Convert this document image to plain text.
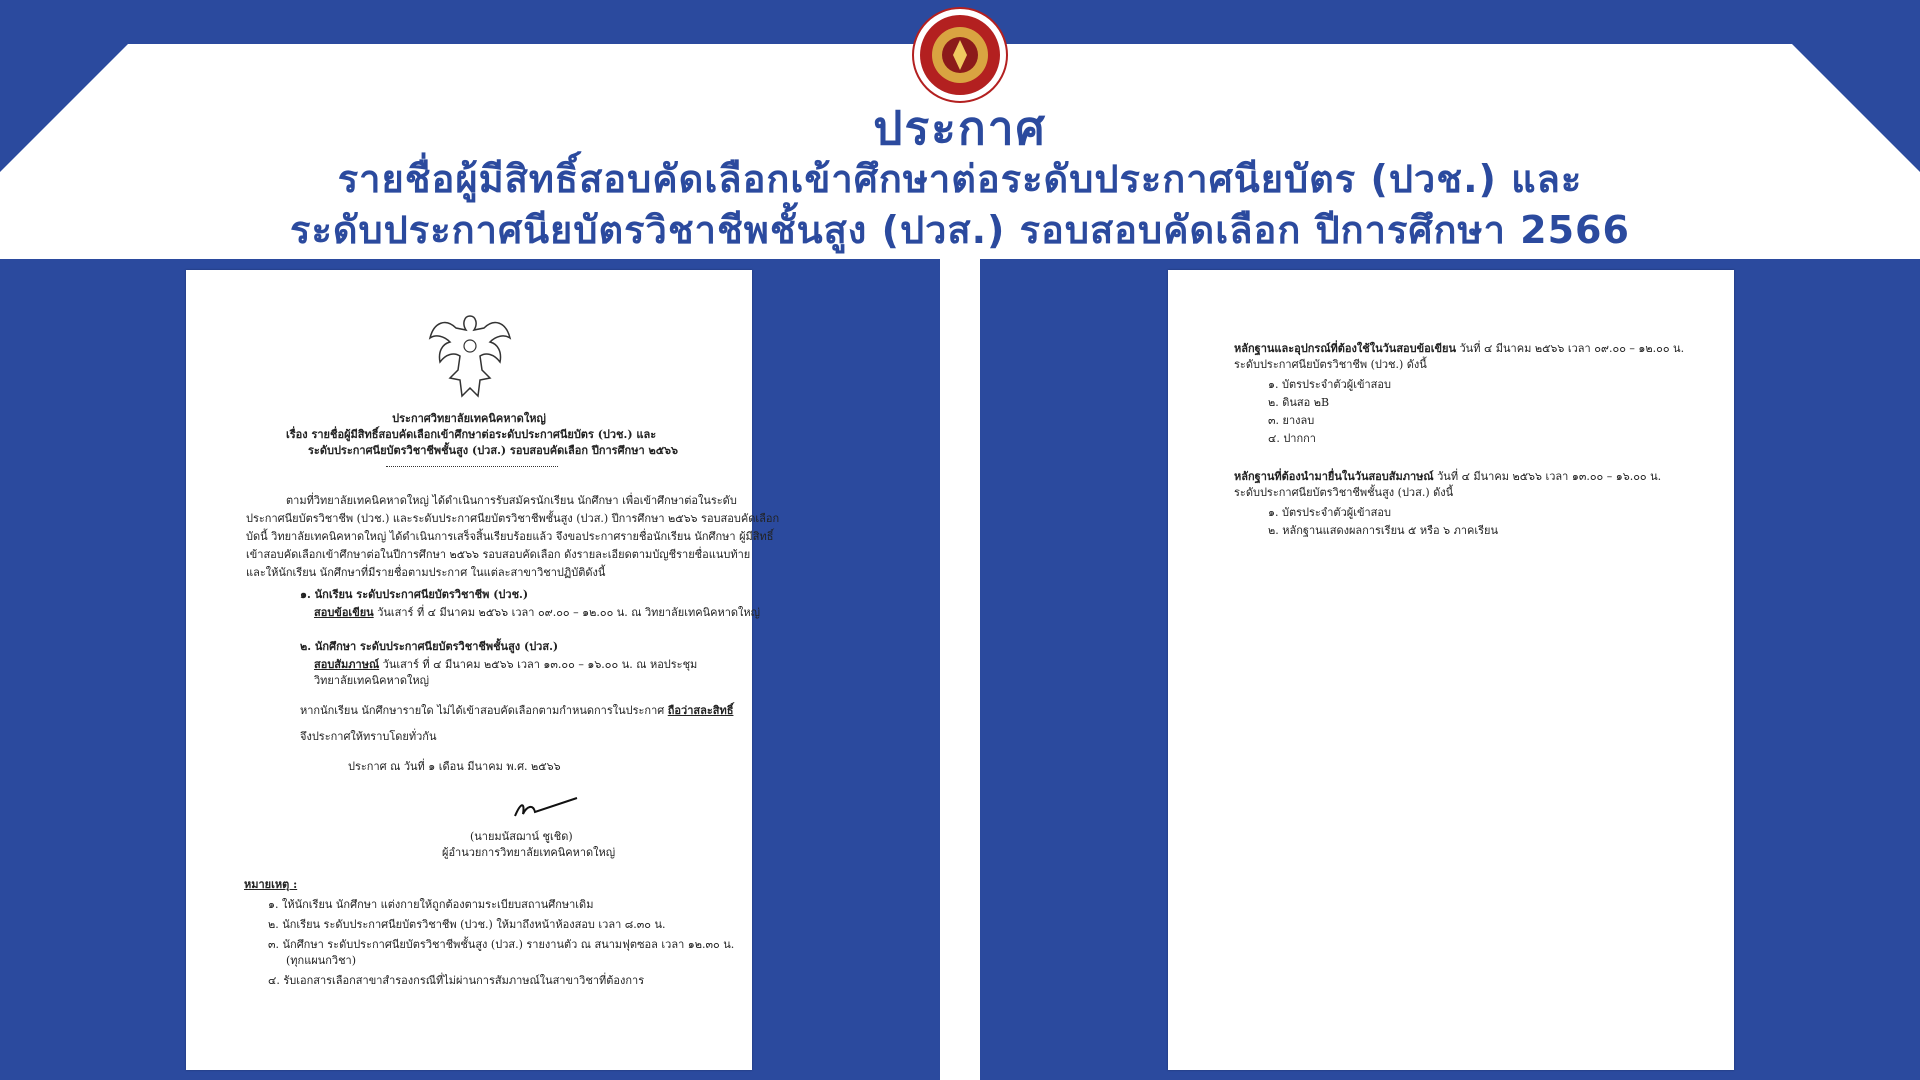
ประกาศ
รายชื่อผู้มีสิทธิ์สอบคัดเลือกเข้าศึกษาต่อระดับประกาศนียบัตร (ปวช.) และ
ระดับประกาศนียบัตรวิชาชีพชั้นสูง (ปวส.) รอบสอบคัดเลือก ปีการศึกษา 2566
ประกาศวิทยาลัยเทคนิคหาดใหญ่
เรื่อง รายชื่อผู้มีสิทธิ์สอบคัดเลือกเข้าศึกษาต่อระดับประกาศนียบัตร (ปวช.) และ
ระดับประกาศนียบัตรวิชาชีพชั้นสูง (ปวส.) รอบสอบคัดเลือก ปีการศึกษา ๒๕๖๖
ตามที่วิทยาลัยเทคนิคหาดใหญ่ ได้ดำเนินการรับสมัครนักเรียน นักศึกษา เพื่อเข้าศึกษาต่อในระดับ
ประกาศนียบัตรวิชาชีพ (ปวช.) และระดับประกาศนียบัตรวิชาชีพชั้นสูง (ปวส.) ปีการศึกษา ๒๕๖๖ รอบสอบคัดเลือก
บัดนี้ วิทยาลัยเทคนิคหาดใหญ่ ได้ดำเนินการเสร็จสิ้นเรียบร้อยแล้ว จึงขอประกาศรายชื่อนักเรียน นักศึกษา ผู้มีสิทธิ์
เข้าสอบคัดเลือกเข้าศึกษาต่อในปีการศึกษา ๒๕๖๖ รอบสอบคัดเลือก ดังรายละเอียดตามบัญชีรายชื่อแนบท้าย
และให้นักเรียน นักศึกษาที่มีรายชื่อตามประกาศ ในแต่ละสาขาวิชาปฏิบัติดังนี้
๑. นักเรียน ระดับประกาศนียบัตรวิชาชีพ (ปวช.)
สอบข้อเขียน วันเสาร์ ที่ ๔ มีนาคม ๒๕๖๖ เวลา ๐๙.๐๐ – ๑๒.๐๐ น. ณ วิทยาลัยเทคนิคหาดใหญ่
๒. นักศึกษา ระดับประกาศนียบัตรวิชาชีพชั้นสูง (ปวส.)
สอบสัมภาษณ์ วันเสาร์ ที่ ๔ มีนาคม ๒๕๖๖ เวลา ๑๓.๐๐ – ๑๖.๐๐ น. ณ หอประชุม
วิทยาลัยเทคนิคหาดใหญ่
หากนักเรียน นักศึกษารายใด ไม่ได้เข้าสอบคัดเลือกตามกำหนดการในประกาศ ถือว่าสละสิทธิ์
จึงประกาศให้ทราบโดยทั่วกัน
ประกาศ ณ วันที่ ๑ เดือน มีนาคม พ.ศ. ๒๕๖๖
(นายมนัสฌาน์ ชูเชิด)
ผู้อำนวยการวิทยาลัยเทคนิคหาดใหญ่
หมายเหตุ :
๑. ให้นักเรียน นักศึกษา แต่งกายให้ถูกต้องตามระเบียบสถานศึกษาเดิม
๒. นักเรียน ระดับประกาศนียบัตรวิชาชีพ (ปวช.) ให้มาถึงหน้าห้องสอบ เวลา ๘.๓๐ น.
๓. นักศึกษา ระดับประกาศนียบัตรวิชาชีพชั้นสูง (ปวส.) รายงานตัว ณ สนามฟุตซอล เวลา ๑๒.๓๐ น.
(ทุกแผนกวิชา)
๔. รับเอกสารเลือกสาขาสำรองกรณีที่ไม่ผ่านการสัมภาษณ์ในสาขาวิชาที่ต้องการ
หลักฐานและอุปกรณ์ที่ต้องใช้ในวันสอบข้อเขียน วันที่ ๔ มีนาคม ๒๕๖๖ เวลา ๐๙.๐๐ – ๑๒.๐๐ น.
ระดับประกาศนียบัตรวิชาชีพ (ปวช.) ดังนี้
๑. บัตรประจำตัวผู้เข้าสอบ
๒. ดินสอ ๒B
๓. ยางลบ
๔. ปากกา
หลักฐานที่ต้องนำมายื่นในวันสอบสัมภาษณ์ วันที่ ๔ มีนาคม ๒๕๖๖ เวลา ๑๓.๐๐ – ๑๖.๐๐ น.
ระดับประกาศนียบัตรวิชาชีพชั้นสูง (ปวส.) ดังนี้
๑. บัตรประจำตัวผู้เข้าสอบ
๒. หลักฐานแสดงผลการเรียน ๕ หรือ ๖ ภาคเรียน
